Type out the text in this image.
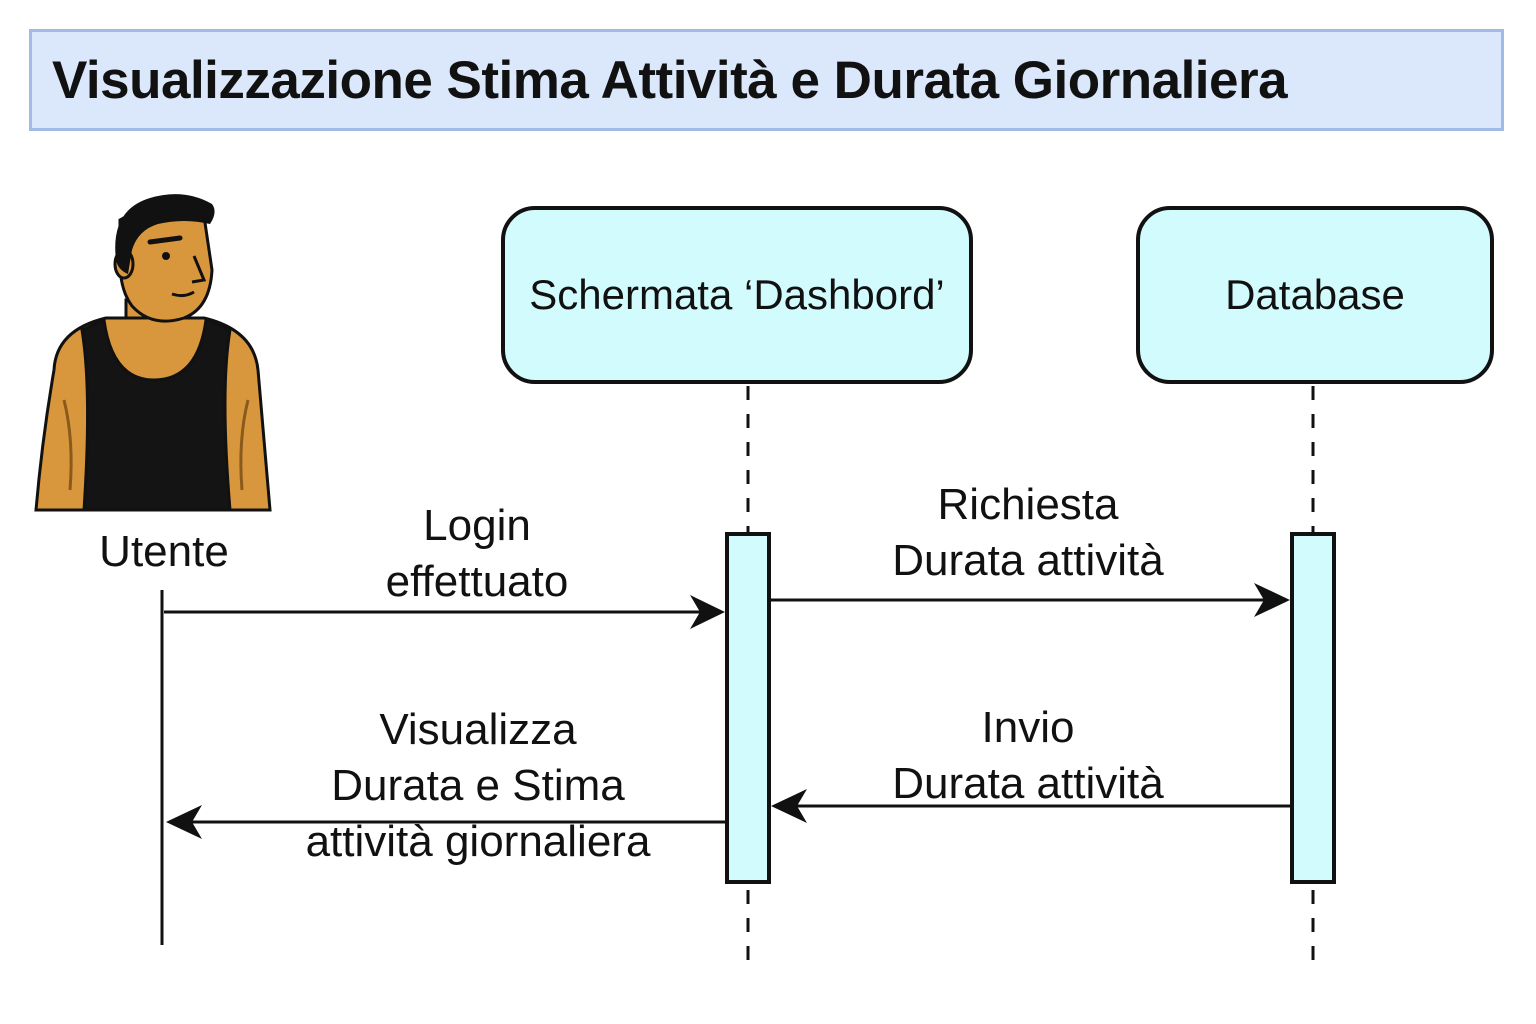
Visualizzazione Stima Attività e Durata Giornaliera
Utente
Schermata ‘Dashbord’	Database
Login
effettuato
Richiesta
Durata attività
Invio
Durata attività
Visualizza
Durata e Stima
attività giornaliera
